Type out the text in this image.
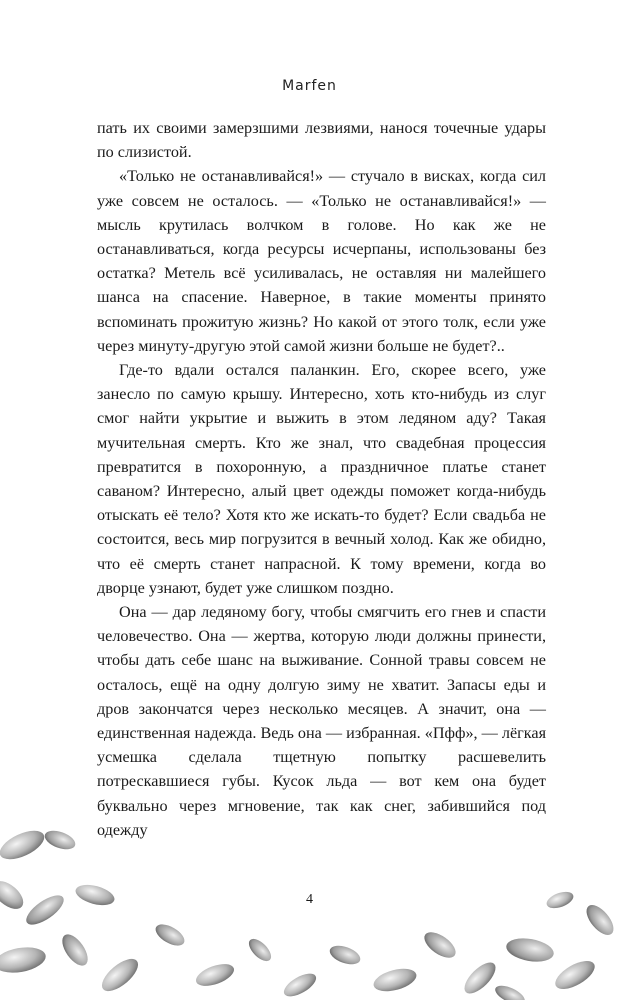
Marfen

пать их своими замерзшими лезвиями, нанося точечные удары по слизистой.

«Только не останавливайся!» — стучало в висках, когда сил уже совсем не осталось. — «Только не останавливайся!» — мысль крутилась волчком в голове. Но как же не останавливаться, когда ресурсы исчерпаны, использованы без остатка? Метель всё усиливалась, не оставляя ни малейшего шанса на спасение. Наверное, в такие моменты принято вспоминать прожитую жизнь? Но какой от этого толк, если уже через минуту-другую этой самой жизни больше не будет?..

Где-то вдали остался паланкин. Его, скорее всего, уже занесло по самую крышу. Интересно, хоть кто-нибудь из слуг смог найти укрытие и выжить в этом ледяном аду? Такая мучительная смерть. Кто же знал, что свадебная процессия превратится в похоронную, а праздничное платье станет саваном? Интересно, алый цвет одежды поможет когда-нибудь отыскать её тело? Хотя кто же искать-то будет? Если свадьба не состоится, весь мир погрузится в вечный холод. Как же обидно, что её смерть станет напрасной. К тому времени, когда во дворце узнают, будет уже слишком поздно.

Она — дар ледяному богу, чтобы смягчить его гнев и спасти человечество. Она — жертва, которую люди должны принести, чтобы дать себе шанс на выживание. Сонной травы совсем не осталось, ещё на одну долгую зиму не хватит. Запасы еды и дров закончатся через несколько месяцев. А значит, она — единственная надежда. Ведь она — избранная. «Пфф», — лёгкая усмешка сделала тщетную попытку расшевелить потрескавшиеся губы. Кусок льда — вот кем она будет буквально через мгновение, так как снег, забившийся под одежду

4
